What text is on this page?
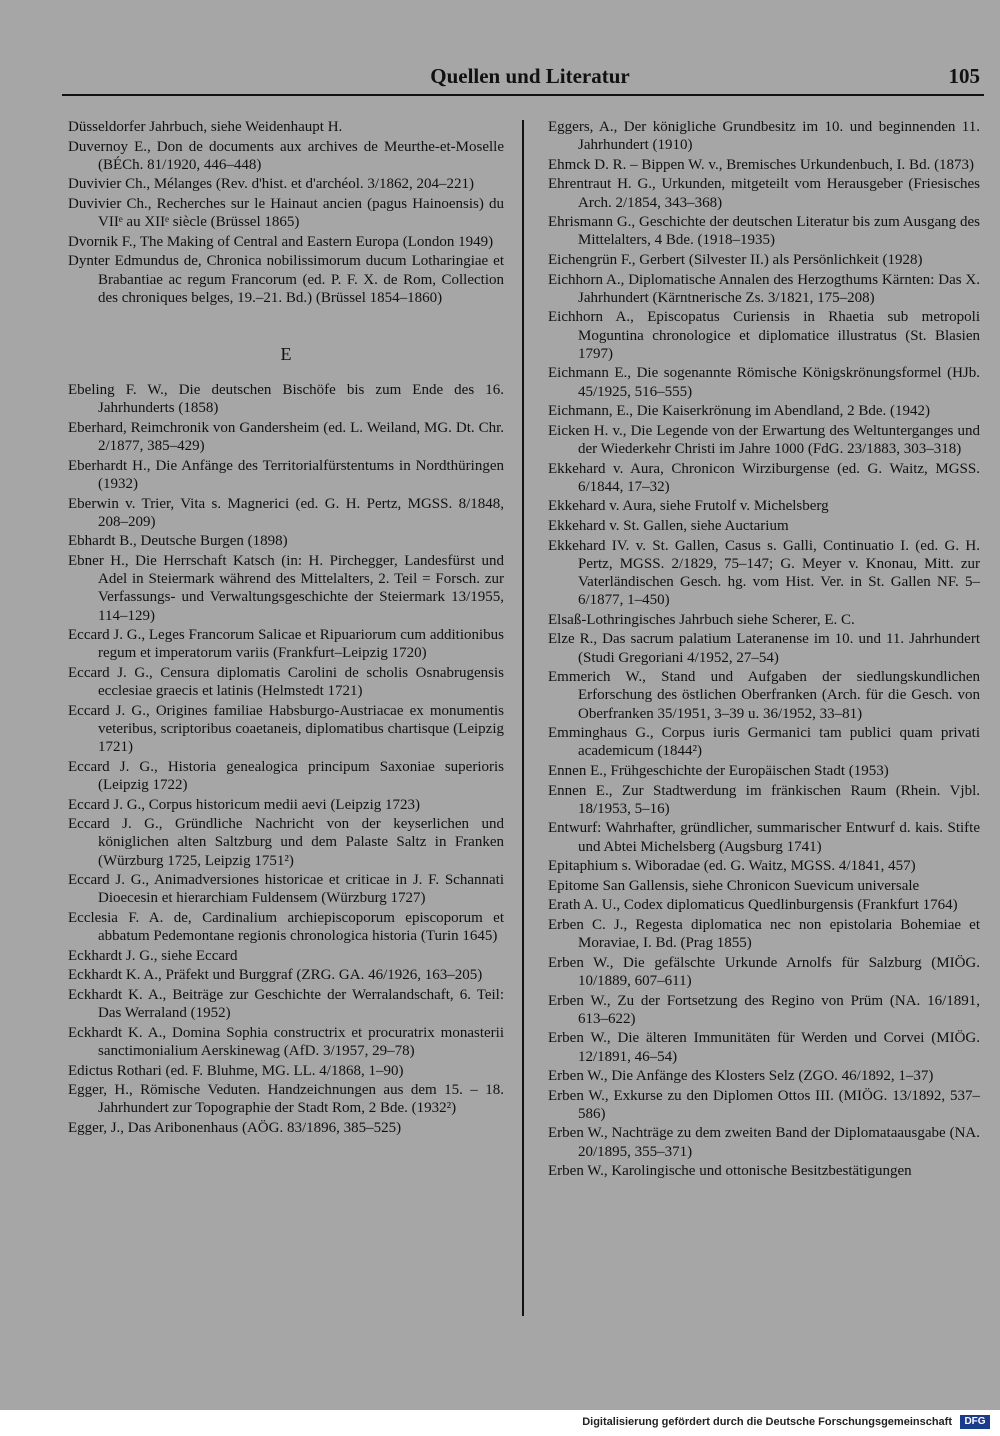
Quellen und Literatur	105

Düsseldorfer Jahrbuch, siehe Weidenhaupt H.

Duvernoy E., Don de documents aux archives de Meurthe-et-Moselle (BÉCh. 81/1920, 446–448)

Duvivier Ch., Mélanges (Rev. d'hist. et d'archéol. 3/1862, 204–221)

Duvivier Ch., Recherches sur le Hainaut ancien (pagus Hainoensis) du VIIᵉ au XIIᵉ siècle (Brüssel 1865)

Dvornik F., The Making of Central and Eastern Europa (London 1949)

Dynter Edmundus de, Chronica nobilissimorum ducum Lotharingiae et Brabantiae ac regum Francorum (ed. P. F. X. de Rom, Collection des chroniques belges, 19.–21. Bd.) (Brüssel 1854–1860)

E

Ebeling F. W., Die deutschen Bischöfe bis zum Ende des 16. Jahrhunderts (1858)

Eberhard, Reimchronik von Gandersheim (ed. L. Weiland, MG. Dt. Chr. 2/1877, 385–429)

Eberhardt H., Die Anfänge des Territorialfürstentums in Nordthüringen (1932)

Eberwin v. Trier, Vita s. Magnerici (ed. G. H. Pertz, MGSS. 8/1848, 208–209)

Ebhardt B., Deutsche Burgen (1898)

Ebner H., Die Herrschaft Katsch (in: H. Pirchegger, Landesfürst und Adel in Steiermark während des Mittelalters, 2. Teil = Forsch. zur Verfassungs- und Verwaltungsgeschichte der Steiermark 13/1955, 114–129)

Eccard J. G., Leges Francorum Salicae et Ripuariorum cum additionibus regum et imperatorum variis (Frankfurt–Leipzig 1720)

Eccard J. G., Censura diplomatis Carolini de scholis Osnabrugensis ecclesiae graecis et latinis (Helmstedt 1721)

Eccard J. G., Origines familiae Habsburgo-Austriacae ex monumentis veteribus, scriptoribus coaetaneis, diplomatibus chartisque (Leipzig 1721)

Eccard J. G., Historia genealogica principum Saxoniae superioris (Leipzig 1722)

Eccard J. G., Corpus historicum medii aevi (Leipzig 1723)

Eccard J. G., Gründliche Nachricht von der keyserlichen und königlichen alten Saltzburg und dem Palaste Saltz in Franken (Würzburg 1725, Leipzig 1751²)

Eccard J. G., Animadversiones historicae et criticae in J. F. Schannati Dioecesin et hierarchiam Fuldensem (Würzburg 1727)

Ecclesia F. A. de, Cardinalium archiepiscoporum episcoporum et abbatum Pedemontane regionis chronologica historia (Turin 1645)

Eckhardt J. G., siehe Eccard

Eckhardt K. A., Präfekt und Burggraf (ZRG. GA. 46/1926, 163–205)

Eckhardt K. A., Beiträge zur Geschichte der Werralandschaft, 6. Teil: Das Werraland (1952)

Eckhardt K. A., Domina Sophia constructrix et procuratrix monasterii sanctimonialium Aerskinewag (AfD. 3/1957, 29–78)

Edictus Rothari (ed. F. Bluhme, MG. LL. 4/1868, 1–90)

Egger, H., Römische Veduten. Handzeichnungen aus dem 15. – 18. Jahrhundert zur Topographie der Stadt Rom, 2 Bde. (1932²)

Egger, J., Das Aribonenhaus (AÖG. 83/1896, 385–525)

Eggers, A., Der königliche Grundbesitz im 10. und beginnenden 11. Jahrhundert (1910)

Ehmck D. R. – Bippen W. v., Bremisches Urkundenbuch, I. Bd. (1873)

Ehrentraut H. G., Urkunden, mitgeteilt vom Herausgeber (Friesisches Arch. 2/1854, 343–368)

Ehrismann G., Geschichte der deutschen Literatur bis zum Ausgang des Mittelalters, 4 Bde. (1918–1935)

Eichengrün F., Gerbert (Silvester II.) als Persönlichkeit (1928)

Eichhorn A., Diplomatische Annalen des Herzogthums Kärnten: Das X. Jahrhundert (Kärntnerische Zs. 3/1821, 175–208)

Eichhorn A., Episcopatus Curiensis in Rhaetia sub metropoli Moguntina chronologice et diplomatice illustratus (St. Blasien 1797)

Eichmann E., Die sogenannte Römische Königskrönungsformel (HJb. 45/1925, 516–555)

Eichmann, E., Die Kaiserkrönung im Abendland, 2 Bde. (1942)

Eicken H. v., Die Legende von der Erwartung des Weltunterganges und der Wiederkehr Christi im Jahre 1000 (FdG. 23/1883, 303–318)

Ekkehard v. Aura, Chronicon Wirziburgense (ed. G. Waitz, MGSS. 6/1844, 17–32)

Ekkehard v. Aura, siehe Frutolf v. Michelsberg

Ekkehard v. St. Gallen, siehe Auctarium

Ekkehard IV. v. St. Gallen, Casus s. Galli, Continuatio I. (ed. G. H. Pertz, MGSS. 2/1829, 75–147; G. Meyer v. Knonau, Mitt. zur Vaterländischen Gesch. hg. vom Hist. Ver. in St. Gallen NF. 5–6/1877, 1–450)

Elsaß-Lothringisches Jahrbuch siehe Scherer, E. C.

Elze R., Das sacrum palatium Lateranense im 10. und 11. Jahrhundert (Studi Gregoriani 4/1952, 27–54)

Emmerich W., Stand und Aufgaben der siedlungskundlichen Erforschung des östlichen Oberfranken (Arch. für die Gesch. von Oberfranken 35/1951, 3–39 u. 36/1952, 33–81)

Emminghaus G., Corpus iuris Germanici tam publici quam privati academicum (1844²)

Ennen E., Frühgeschichte der Europäischen Stadt (1953)

Ennen E., Zur Stadtwerdung im fränkischen Raum (Rhein. Vjbl. 18/1953, 5–16)

Entwurf: Wahrhafter, gründlicher, summarischer Entwurf d. kais. Stifte und Abtei Michelsberg (Augsburg 1741)

Epitaphium s. Wiboradae (ed. G. Waitz, MGSS. 4/1841, 457)

Epitome San Gallensis, siehe Chronicon Suevicum universale

Erath A. U., Codex diplomaticus Quedlinburgensis (Frankfurt 1764)

Erben C. J., Regesta diplomatica nec non epistolaria Bohemiae et Moraviae, I. Bd. (Prag 1855)

Erben W., Die gefälschte Urkunde Arnolfs für Salzburg (MIÖG. 10/1889, 607–611)

Erben W., Zu der Fortsetzung des Regino von Prüm (NA. 16/1891, 613–622)

Erben W., Die älteren Immunitäten für Werden und Corvei (MIÖG. 12/1891, 46–54)

Erben W., Die Anfänge des Klosters Selz (ZGO. 46/1892, 1–37)

Erben W., Exkurse zu den Diplomen Ottos III. (MIÖG. 13/1892, 537–586)

Erben W., Nachträge zu dem zweiten Band der Diplomataausgabe (NA. 20/1895, 355–371)

Erben W., Karolingische und ottonische Besitzbestätigungen

Digitalisierung gefördert durch die Deutsche Forschungsgemeinschaft	DFG
